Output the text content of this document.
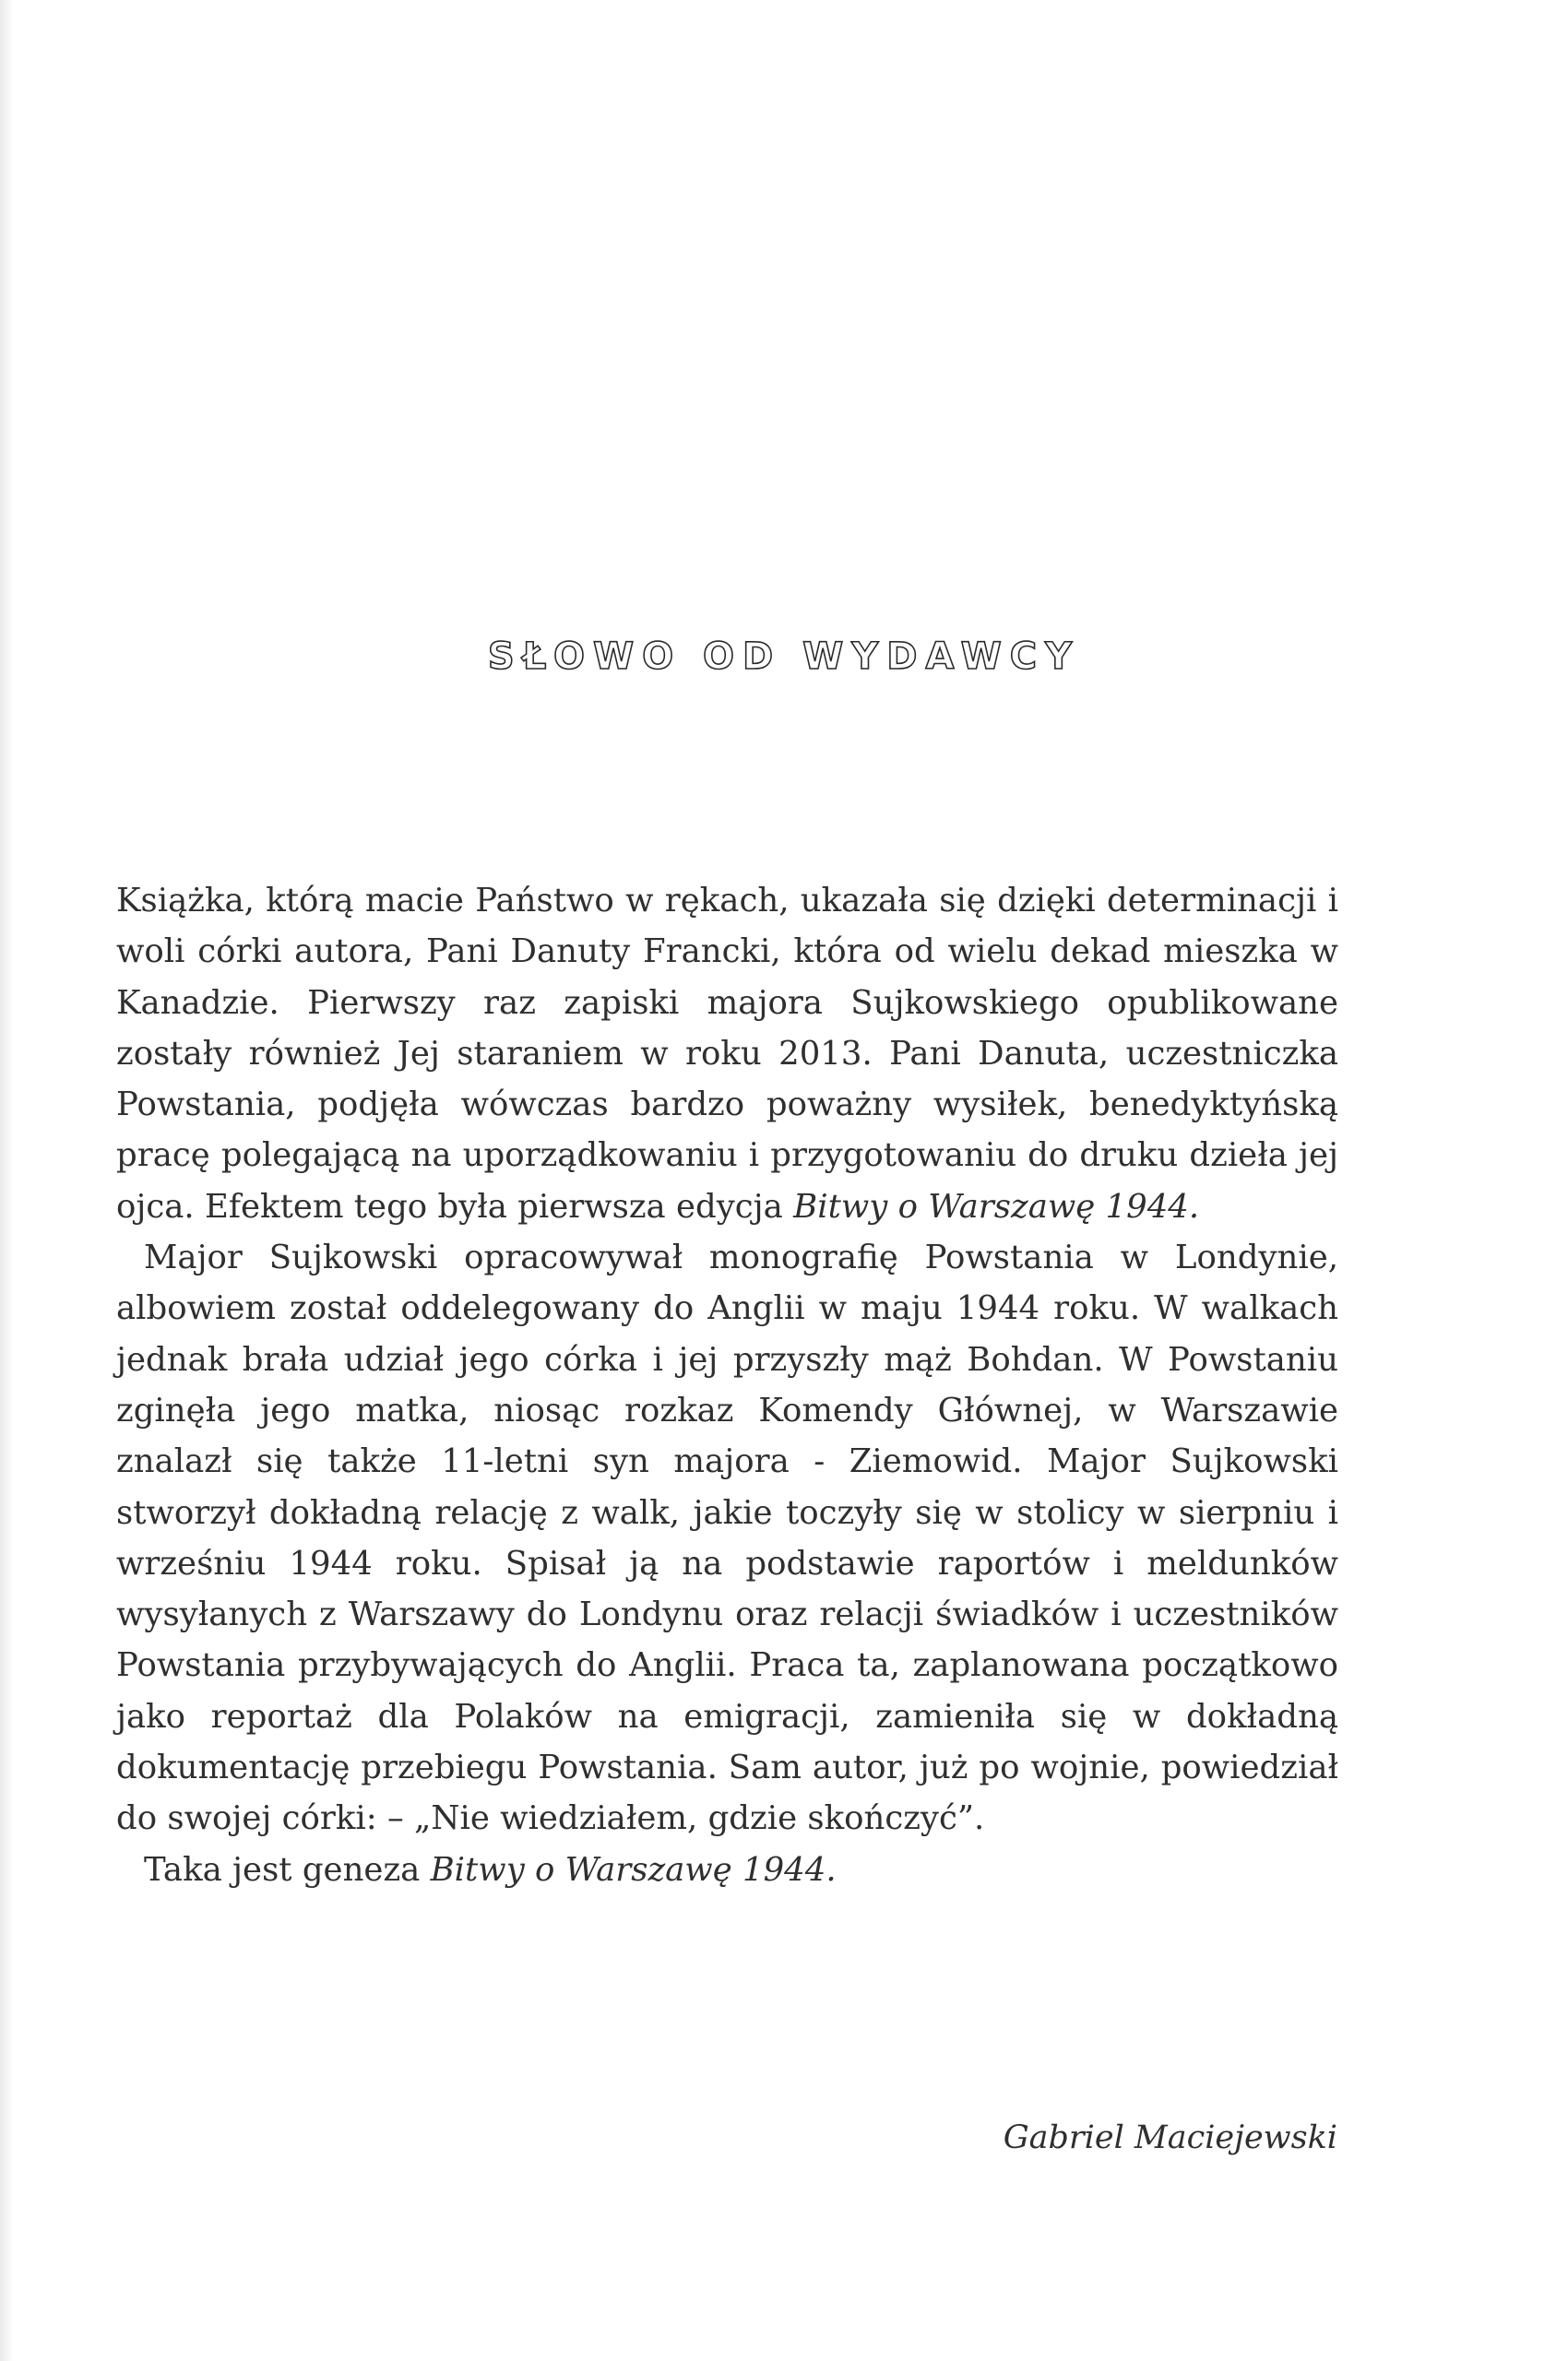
SŁOWO OD WYDAWCY

Książka, którą macie Państwo w rękach, ukazała się dzięki determinacji i woli córki autora, Pani Danuty Francki, która od wielu dekad mieszka w Kanadzie. Pierwszy raz zapiski majora Sujkowskiego opublikowane zostały również Jej staraniem w roku 2013. Pani Danuta, uczestniczka Powstania, podjęła wówczas bardzo poważny wysiłek, benedyktyńską pracę polegającą na uporządkowaniu i przygotowaniu do druku dzieła jej ojca. Efektem tego była pierwsza edycja Bitwy o Warszawę 1944.

Major Sujkowski opracowywał monografię Powstania w Londynie, albowiem został oddelegowany do Anglii w maju 1944 roku. W walkach jednak brała udział jego córka i jej przyszły mąż Bohdan. W Powstaniu zginęła jego matka, niosąc rozkaz Komendy Głównej, w Warszawie znalazł się także 11-letni syn majora - Ziemowid. Major Sujkowski stworzył dokładną relację z walk, jakie toczyły się w stolicy w sierpniu i wrześniu 1944 roku. Spisał ją na podstawie raportów i meldunków wysyłanych z Warszawy do Londynu oraz relacji świadków i uczestników Powstania przybywających do Anglii. Praca ta, zaplanowana początkowo jako reportaż dla Polaków na emigracji, zamieniła się w dokładną dokumentację przebiegu Powstania. Sam autor, już po wojnie, powiedział do swojej córki: – „Nie wiedziałem, gdzie skończyć”.

Taka jest geneza Bitwy o Warszawę 1944.

Gabriel Maciejewski
